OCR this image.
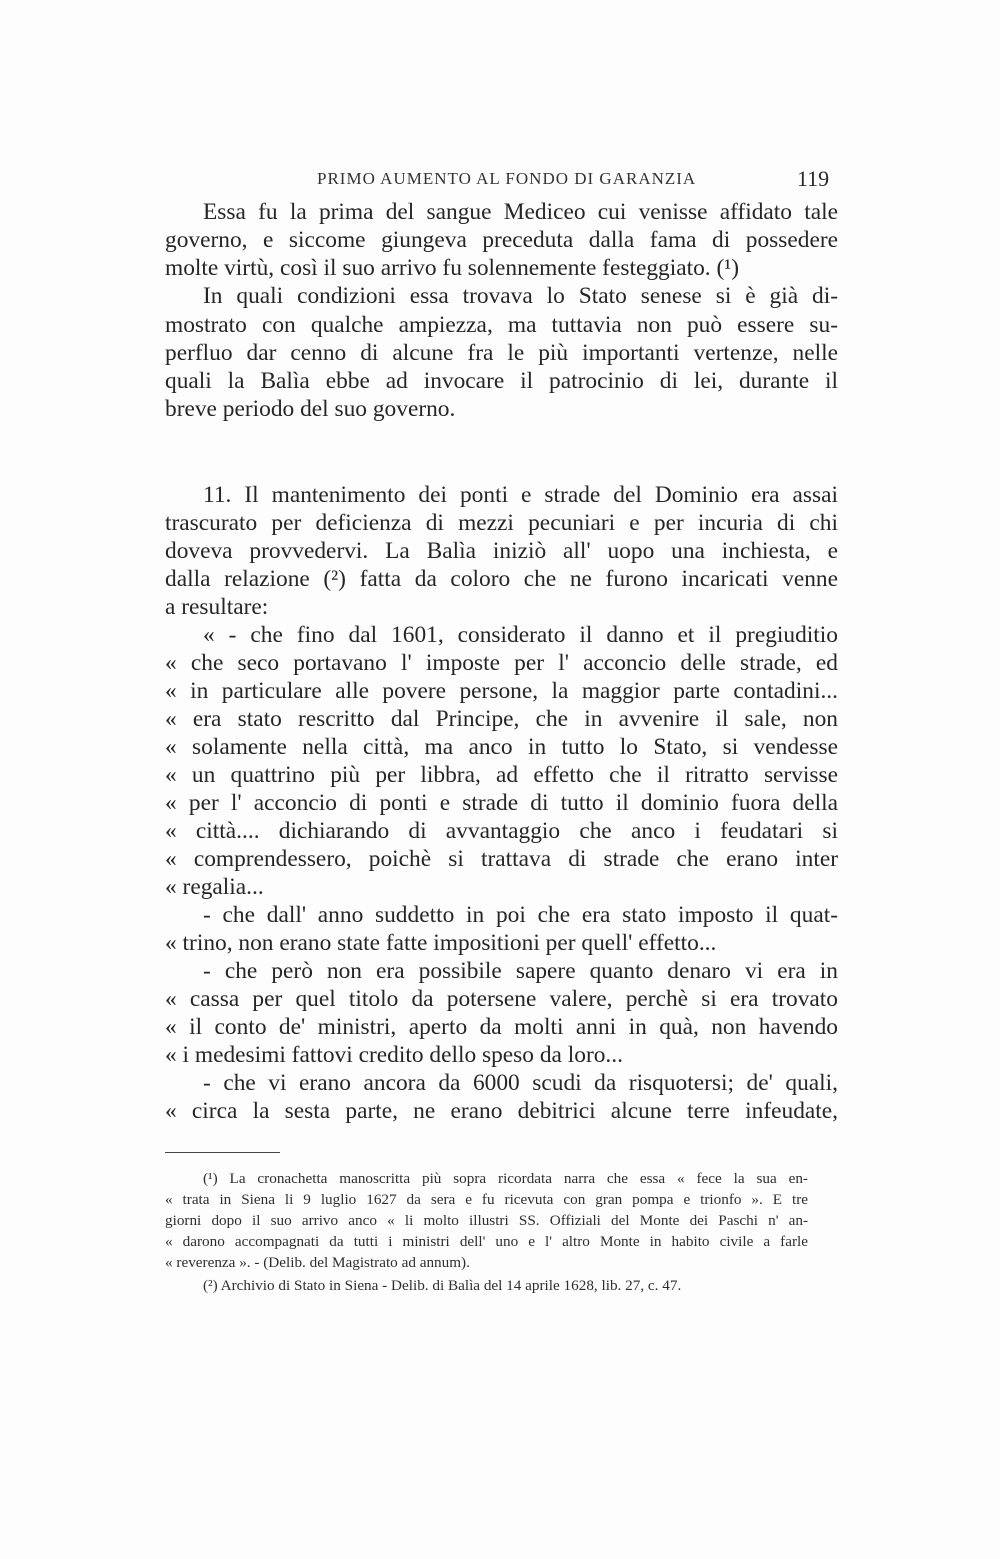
PRIMO AUMENTO AL FONDO DI GARANZIA	119
Essa fu la prima del sangue Mediceo cui venisse affidato tale
governo, e siccome giungeva preceduta dalla fama di possedere
molte virtù, così il suo arrivo fu solennemente festeggiato. (¹)
In quali condizioni essa trovava lo Stato senese si è già di-
mostrato con qualche ampiezza, ma tuttavia non può essere su-
perfluo dar cenno di alcune fra le più importanti vertenze, nelle
quali la Balìa ebbe ad invocare il patrocinio di lei, durante il
breve periodo del suo governo.
11. Il mantenimento dei ponti e strade del Dominio era assai
trascurato per deficienza di mezzi pecuniari e per incuria di chi
doveva provvedervi. La Balìa iniziò all' uopo una inchiesta, e
dalla relazione (²) fatta da coloro che ne furono incaricati venne
a resultare:
« - che fino dal 1601, considerato il danno et il pregiuditio
« che seco portavano l' imposte per l' acconcio delle strade, ed
« in particulare alle povere persone, la maggior parte contadini...
« era stato rescritto dal Principe, che in avvenire il sale, non
« solamente nella città, ma anco in tutto lo Stato, si vendesse
« un quattrino più per libbra, ad effetto che il ritratto servisse
« per l' acconcio di ponti e strade di tutto il dominio fuora della
« città.... dichiarando di avvantaggio che anco i feudatari si
« comprendessero, poichè si trattava di strade che erano inter
« regalia...
- che dall' anno suddetto in poi che era stato imposto il quat-
« trino, non erano state fatte impositioni per quell' effetto...
- che però non era possibile sapere quanto denaro vi era in
« cassa per quel titolo da potersene valere, perchè si era trovato
« il conto de' ministri, aperto da molti anni in quà, non havendo
« i medesimi fattovi credito dello speso da loro...
- che vi erano ancora da 6000 scudi da risquotersi; de' quali,
« circa la sesta parte, ne erano debitrici alcune terre infeudate,
(¹) La cronachetta manoscritta più sopra ricordata narra che essa « fece la sua en-
« trata in Siena li 9 luglio 1627 da sera e fu ricevuta con gran pompa e trionfo ». E tre
giorni dopo il suo arrivo anco « li molto illustri SS. Offiziali del Monte dei Paschi n' an-
« darono accompagnati da tutti i ministri dell' uno e l' altro Monte in habito civile a farle
« reverenza ». - (Delib. del Magistrato ad annum).
(²) Archivio di Stato in Siena - Delib. di Balìa del 14 aprile 1628, lib. 27, c. 47.
